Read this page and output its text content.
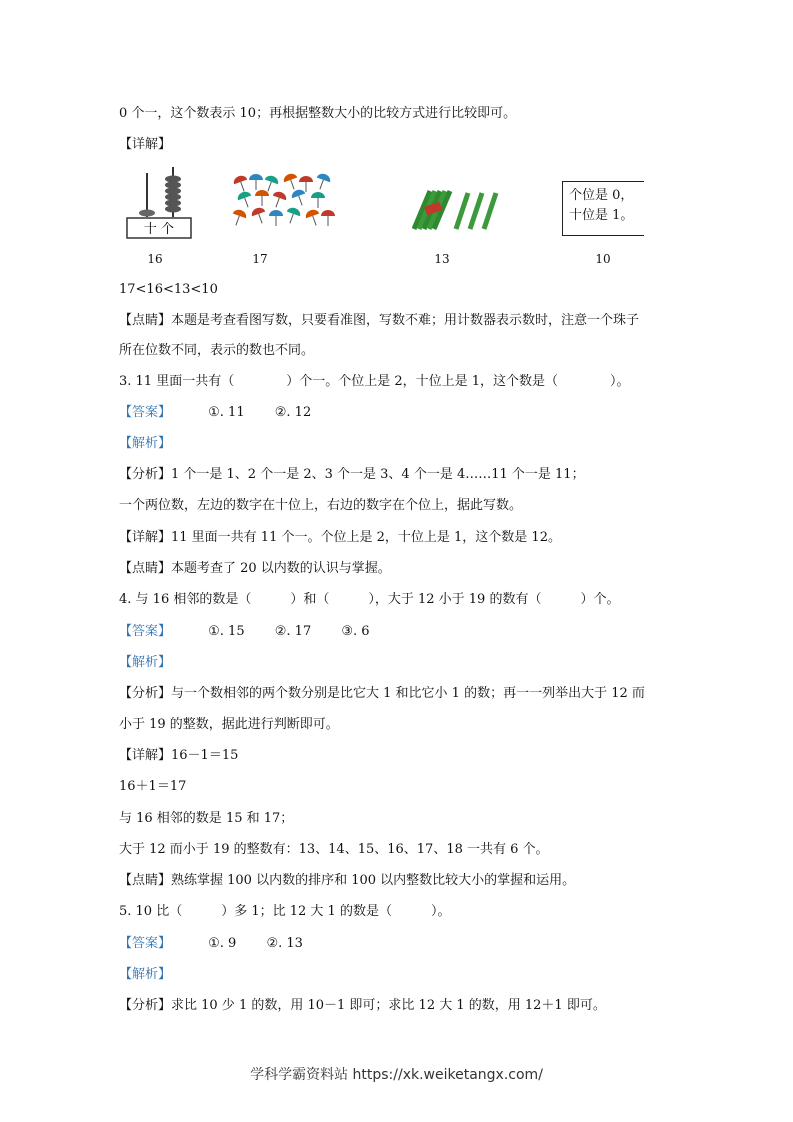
0 个一，这个数表示 10；再根据整数大小的比较方式进行比较即可。
【详解】
十 个
个位是 0，
十位是 1。
16	17	13	10
17<16<13<10
【点睛】本题是考查看图写数，只要看准图，写数不难；用计数器表示数时，注意一个珠子
所在位数不同，表示的数也不同。
3. 11 里面一共有（　　　　）个一。个位上是 2，十位上是 1，这个数是（　　　　）。
【答案】	①. 11 ②. 12
【解析】
【分析】1 个一是 1、2 个一是 2、3 个一是 3、4 个一是 4……11 个一是 11；
一个两位数，左边的数字在十位上，右边的数字在个位上，据此写数。
【详解】11 里面一共有 11 个一。个位上是 2，十位上是 1，这个数是 12。
【点睛】本题考查了 20 以内数的认识与掌握。
4. 与 16 相邻的数是（　　　）和（　　　），大于 12 小于 19 的数有（　　　）个。
【答案】	①. 15 ②. 17 ③. 6
【解析】
【分析】与一个数相邻的两个数分别是比它大 1 和比它小 1 的数；再一一列举出大于 12 而
小于 19 的整数，据此进行判断即可。
【详解】16－1＝15
16＋1＝17
与 16 相邻的数是 15 和 17；
大于 12 而小于 19 的整数有：13、14、15、16、17、18 一共有 6 个。
【点睛】熟练掌握 100 以内数的排序和 100 以内整数比较大小的掌握和运用。
5. 10 比（　　　）多 1；比 12 大 1 的数是（　　　）。
【答案】	①. 9 ②. 13
【解析】
【分析】求比 10 少 1 的数，用 10－1 即可；求比 12 大 1 的数，用 12＋1 即可。
学科学霸资料站 https://xk.weiketangx.com/
